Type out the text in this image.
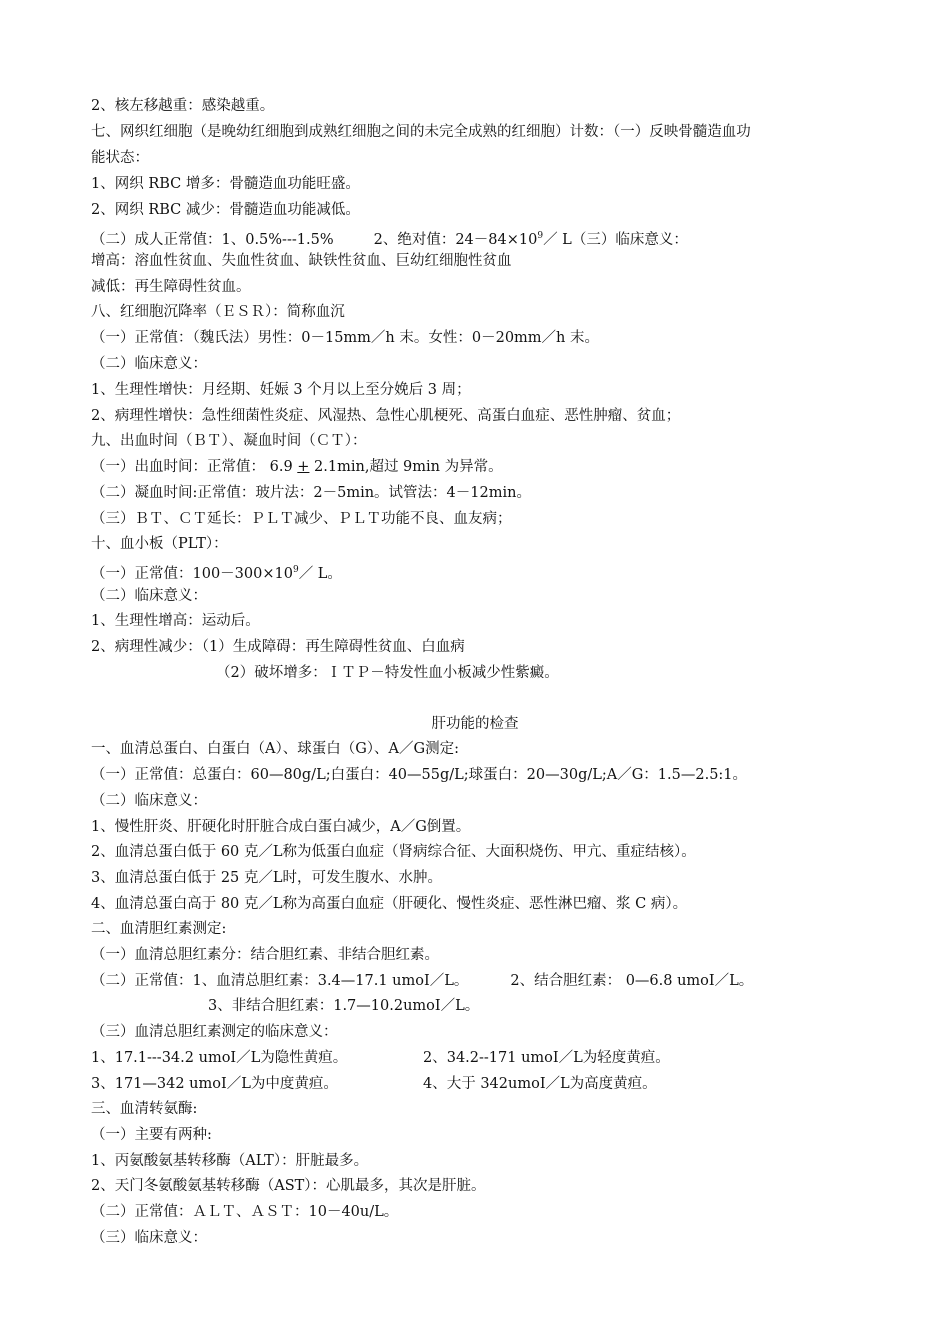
2、核左移越重：感染越重。
七、网织红细胞（是晚幼红细胞到成熟红细胞之间的未完全成熟的红细胞）计数：（一）反映骨髓造血功
能状态：
1、网织 RBC 增多：骨髓造血功能旺盛。
2、网织 RBC 减少：骨髓造血功能减低。
（二）成人正常值：1、0.5%---1.5%	2、绝对值：$24-84\times 10^9/$ L（三）临床意义：
增高：溶血性贫血、失血性贫血、缺铁性贫血、巨幼红细胞性贫血
减低：再生障碍性贫血。
八、红细胞沉降率（ＥＳＲ）：简称血沉
（一）正常值：（魏氏法）男性：0－15mm／h 末。女性：0－20mm／h 末。
（二）临床意义：
1、生理性增快：月经期、妊娠 3 个月以上至分娩后 3 周；
2、病理性增快：急性细菌性炎症、风湿热、急性心肌梗死、高蛋白血症、恶性肿瘤、贫血；
九、出血时间（ＢＴ）、凝血时间（ＣＴ）：
（一）出血时间：正常值： 6.9 + 2.1min,超过 9min 为异常。
（二）凝血时间:正常值：玻片法：2－5min。试管法：4－12min。
（三）ＢＴ、ＣＴ延长：ＰＬＴ减少、ＰＬＴ功能不良、血友病；
十、血小板（PLT）：
（一）正常值：$100-300\times 10^9/$ L。
（二）临床意义：
1、生理性增高：运动后。
2、病理性减少：（1）生成障碍：再生障碍性贫血、白血病
（2）破坏增多：ＩＴＰ－特发性血小板减少性紫癜。
肝功能的检查
一、血清总蛋白、白蛋白（A）、球蛋白（G）、A／G测定:
（一）正常值：总蛋白：60—80g/L;白蛋白：40—55g/L;球蛋白：20—30g/L;A／G：1.5—2.5:1。
（二）临床意义：
1、慢性肝炎、肝硬化时肝脏合成白蛋白减少，A／G倒置。
2、血清总蛋白低于 60 克／L称为低蛋白血症（肾病综合征、大面积烧伤、甲亢、重症结核）。
3、血清总蛋白低于 25 克／L时，可发生腹水、水肿。
4、血清总蛋白高于 80 克／L称为高蛋白血症（肝硬化、慢性炎症、恶性淋巴瘤、浆 C 病）。
二、血清胆红素测定:
（一）血清总胆红素分：结合胆红素、非结合胆红素。
（二）正常值：1、血清总胆红素：3.4—17.1 umoI／L。	2、结合胆红素： 0—6.8 umoI／L。
3、非结合胆红素：1.7—10.2umoI／L。
（三）血清总胆红素测定的临床意义：
1、17.1---34.2 umoI／L为隐性黄疸。	2、34.2--171 umoI／L为轻度黄疸。
3、171—342 umoI／L为中度黄疸。	4、大于 342umoI／L为高度黄疸。
三、血清转氨酶:
（一）主要有两种:
1、丙氨酸氨基转移酶（ALT）：肝脏最多。
2、天门冬氨酸氨基转移酶（AST）：心肌最多，其次是肝脏。
（二）正常值：ＡＬＴ、ＡＳＴ：10－40u/L。
（三）临床意义：
